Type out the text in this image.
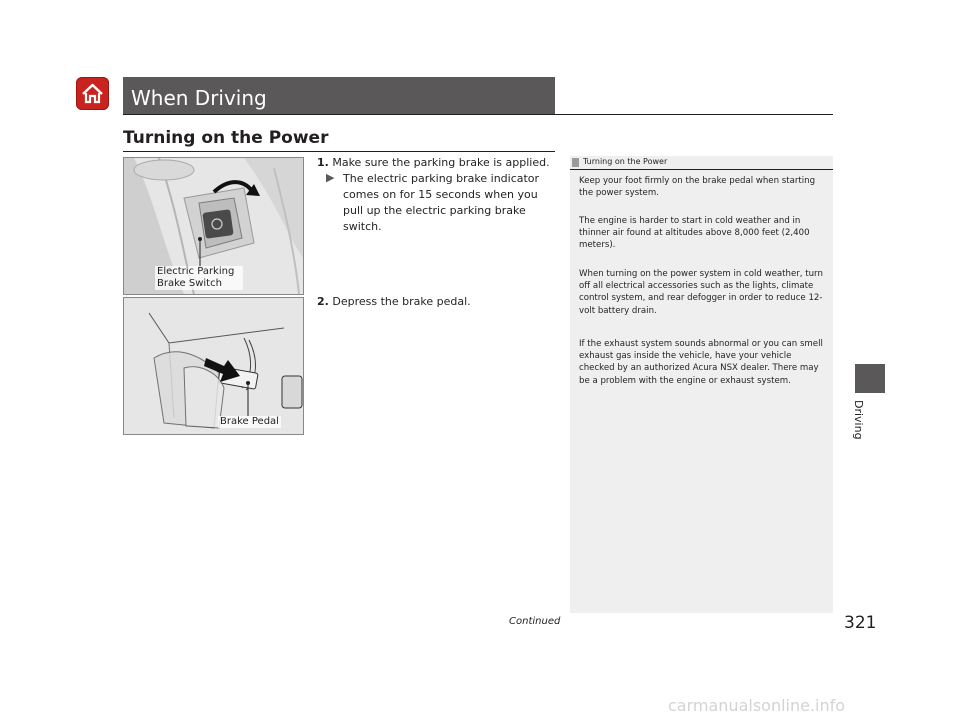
When Driving
Turning on the Power
Electric Parking Brake Switch
Brake Pedal
1. Make sure the parking brake is applied.
▶ The electric parking brake indicator comes on for 15 seconds when you pull up the electric parking brake switch.
2. Depress the brake pedal.
Turning on the Power
Keep your foot firmly on the brake pedal when starting the power system.
The engine is harder to start in cold weather and in thinner air found at altitudes above 8,000 feet (2,400 meters).
When turning on the power system in cold weather, turn off all electrical accessories such as the lights, climate control system, and rear defogger in order to reduce 12-volt battery drain.
If the exhaust system sounds abnormal or you can smell exhaust gas inside the vehicle, have your vehicle checked by an authorized Acura NSX dealer. There may be a problem with the engine or exhaust system.
Driving
Continued	321
carmanualsonline.info
